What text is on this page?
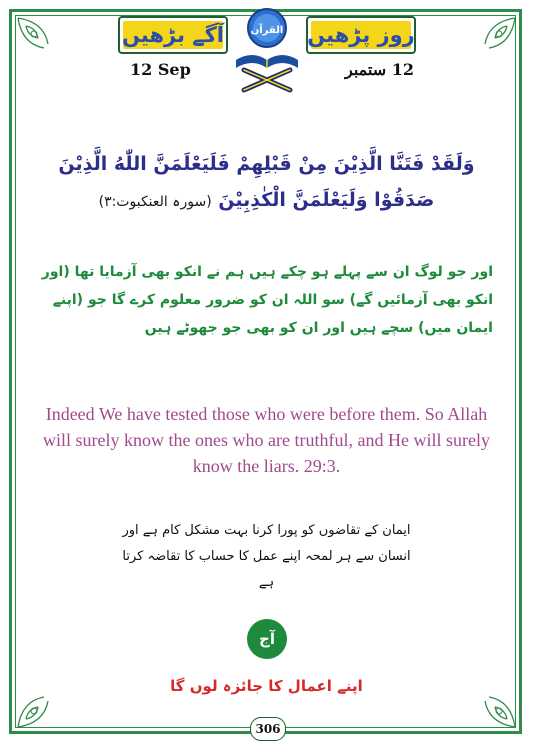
آگے بڑھیں	روز پڑھیں
القرآن
12 Sep	12 ستمبر
وَلَقَدْ فَتَنَّا الَّذِيْنَ مِنْ قَبْلِهِمْ فَلَيَعْلَمَنَّ اللّٰهُ الَّذِيْنَ صَدَقُوْا وَلَيَعْلَمَنَّ الْكٰذِبِيْنَ (سورہ العنکبوت:۳)
اور جو لوگ ان سے پہلے ہو چکے ہیں ہم نے انکو بھی آزمایا تھا (اور انکو بھی آزمائیں گے) سو اللہ ان کو ضرور معلوم کرے گا جو (اپنے ایمان میں) سچے ہیں اور ان کو بھی جو جھوٹے ہیں
Indeed We have tested those who were before them. So Allah will surely know the ones who are truthful, and He will surely know the liars. 29:3.
ایمان کے تقاضوں کو پورا کرنا بہت مشکل کام ہے اور انسان سے ہر لمحہ اپنے عمل کا حساب کا تقاضہ کرتا ہے
آج
اپنے اعمال کا جائزہ لوں گا
306
